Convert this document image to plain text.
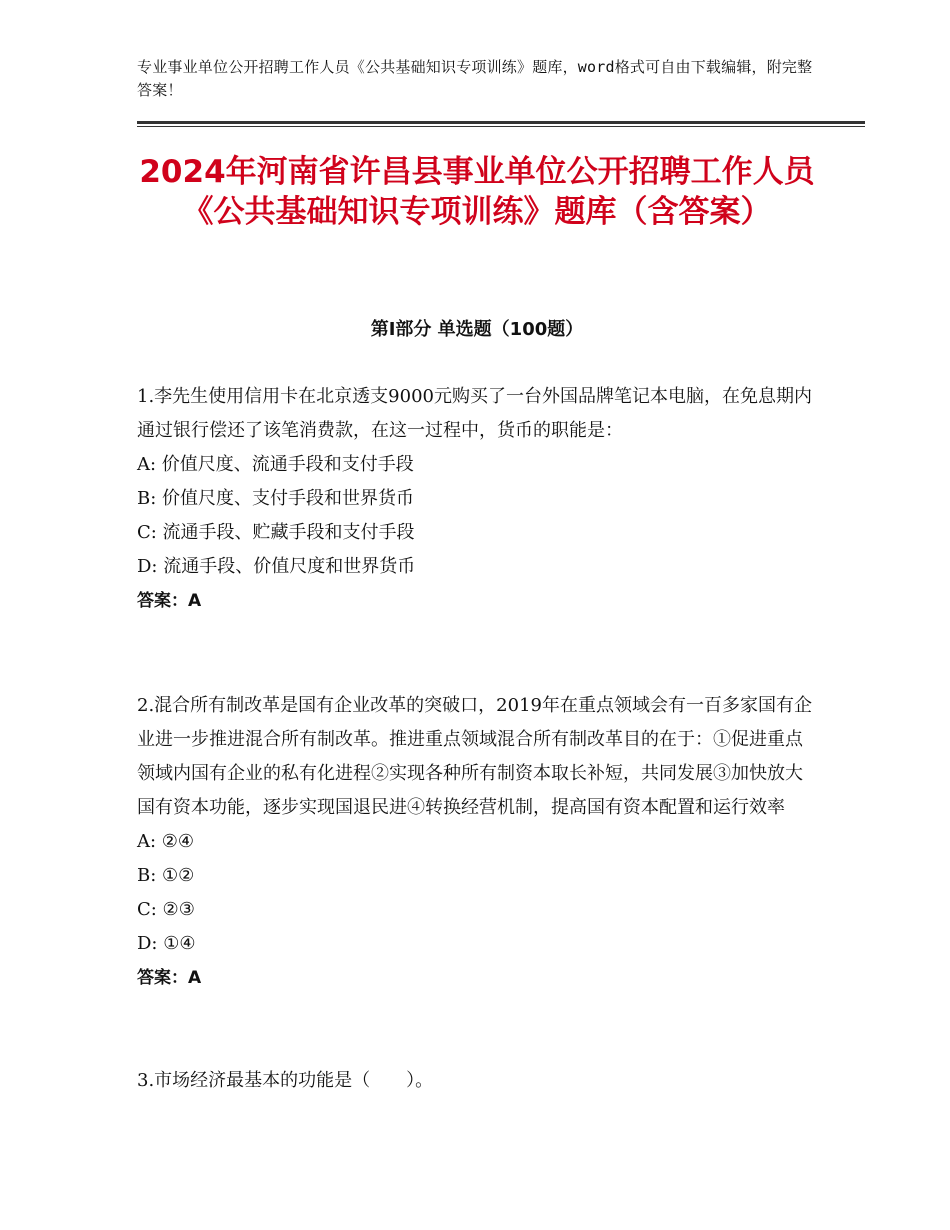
专业事业单位公开招聘工作人员《公共基础知识专项训练》题库，word格式可自由下载编辑，附完整答案！
2024年河南省许昌县事业单位公开招聘工作人员《公共基础知识专项训练》题库（含答案）
第Ⅰ部分 单选题（100题）

1.李先生使用信用卡在北京透支9000元购买了一台外国品牌笔记本电脑，在免息期内通过银行偿还了该笔消费款，在这一过程中，货币的职能是：

A: 价值尺度、流通手段和支付手段

B: 价值尺度、支付手段和世界货币

C: 流通手段、贮藏手段和支付手段

D: 流通手段、价值尺度和世界货币

答案：A

2.混合所有制改革是国有企业改革的突破口，2019年在重点领域会有一百多家国有企业进一步推进混合所有制改革。推进重点领域混合所有制改革目的在于：①促进重点领域内国有企业的私有化进程②实现各种所有制资本取长补短，共同发展③加快放大国有资本功能，逐步实现国退民进④转换经营机制，提高国有资本配置和运行效率

A: ②④

B: ①②

C: ②③

D: ①④

答案：A

3.市场经济最基本的功能是（　　）。
